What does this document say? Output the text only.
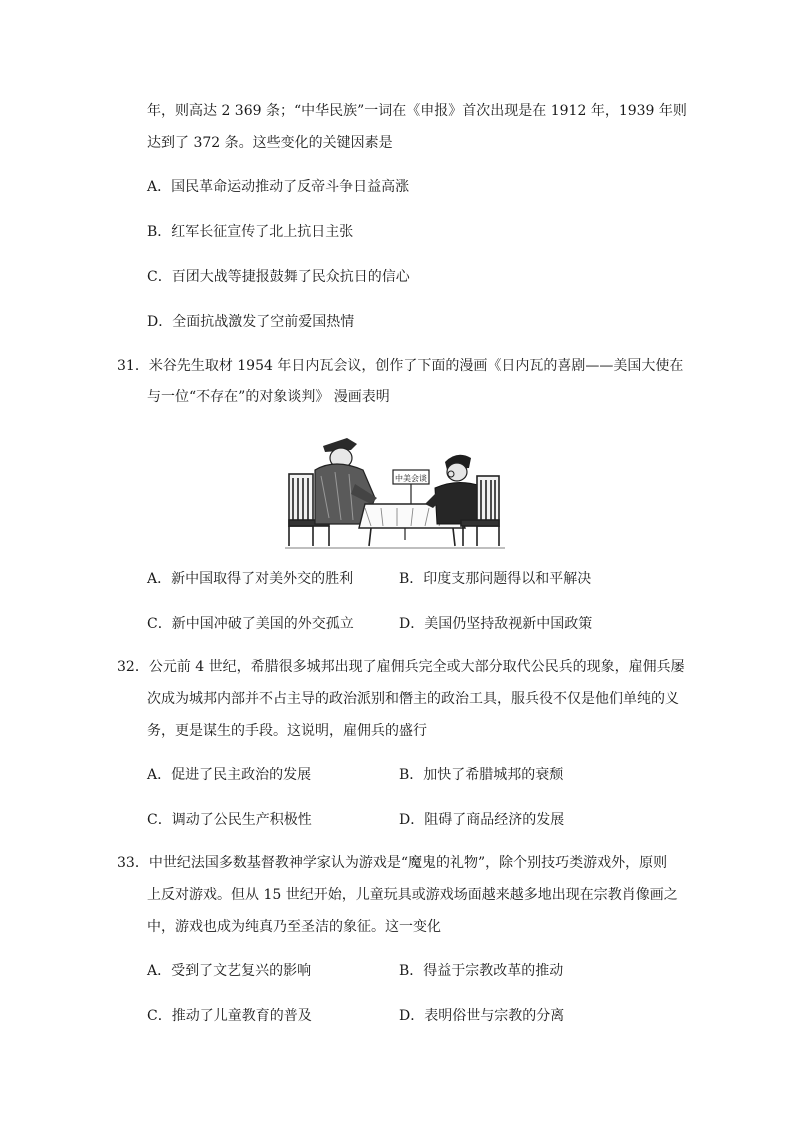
年，则高达 2 369 条；“中华民族”一词在《申报》首次出现是在 1912 年，1939 年则
达到了 372 条。这些变化的关键因素是
A．国民革命运动推动了反帝斗争日益高涨
B．红军长征宣传了北上抗日主张
C．百团大战等捷报鼓舞了民众抗日的信心
D．全面抗战激发了空前爱国热情
31．米谷先生取材 1954 年日内瓦会议，创作了下面的漫画《日内瓦的喜剧——美国大使在
与一位“不存在”的对象谈判》 漫画表明
中美会谈
A．新中国取得了对美外交的胜利	B．印度支那问题得以和平解决
C．新中国冲破了美国的外交孤立	D．美国仍坚持敌视新中国政策
32．公元前 4 世纪，希腊很多城邦出现了雇佣兵完全或大部分取代公民兵的现象，雇佣兵屡
次成为城邦内部并不占主导的政治派别和僭主的政治工具，服兵役不仅是他们单纯的义
务，更是谋生的手段。这说明，雇佣兵的盛行
A．促进了民主政治的发展	B．加快了希腊城邦的衰颓
C．调动了公民生产积极性	D．阻碍了商品经济的发展
33．中世纪法国多数基督教神学家认为游戏是“魔鬼的礼物”，除个别技巧类游戏外，原则
上反对游戏。但从 15 世纪开始，儿童玩具或游戏场面越来越多地出现在宗教肖像画之
中，游戏也成为纯真乃至圣洁的象征。这一变化
A．受到了文艺复兴的影响	B．得益于宗教改革的推动
C．推动了儿童教育的普及	D．表明俗世与宗教的分离
